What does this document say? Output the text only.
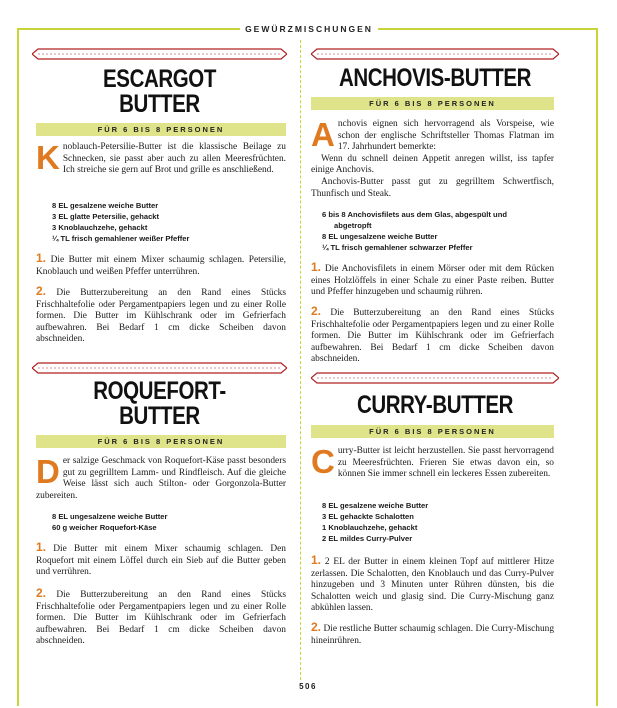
GEWÜRZMISCHUNGEN
ESCARGOT
BUTTER
FÜR 6 BIS 8 PERSONEN
Knoblauch-Petersilie-Butter ist die klassische Beilage zu Schnecken, sie passt aber auch zu allen Meeresfrüchten. Ich streiche sie gern auf Brot und grille es anschließend.
8 EL gesalzene weiche Butter
3 EL glatte Petersilie, gehackt
3 Knoblauchzehe, gehackt
¼ TL frisch gemahlener weißer Pfeffer
1. Die Butter mit einem Mixer schaumig schlagen. Petersilie, Knoblauch und weißen Pfeffer unterrühren.
2. Die Butterzubereitung an den Rand eines Stücks Frischhaltefolie oder Pergamentpapiers legen und zu einer Rolle formen. Die Butter im Kühlschrank oder im Gefrierfach aufbewahren. Bei Bedarf 1 cm dicke Scheiben davon abschneiden.
ROQUEFORT-
BUTTER
FÜR 6 BIS 8 PERSONEN
Der salzige Geschmack von Roquefort-Käse passt besonders gut zu gegrilltem Lamm- und Rindfleisch. Auf die gleiche Weise lässt sich auch Stilton- oder Gorgonzola-Butter zubereiten.
8 EL ungesalzene weiche Butter
60 g weicher Roquefort-Käse
1. Die Butter mit einem Mixer schaumig schlagen. Den Roquefort mit einem Löffel durch ein Sieb auf die Butter geben und verrühren.
2. Die Butterzubereitung an den Rand eines Stücks Frischhaltefolie oder Pergamentpapiers legen und zu einer Rolle formen. Die Butter im Kühlschrank oder im Gefrierfach aufbewahren. Bei Bedarf 1 cm dicke Scheiben davon abschneiden.
ANCHOVIS-BUTTER
FÜR 6 BIS 8 PERSONEN
Anchovis eignen sich hervorragend als Vorspeise, wie schon der englische Schriftsteller Thomas Flatman im 17. Jahrhundert bemerkte:

Wenn du schnell deinen Appetit anregen willst, iss tapfer einige Anchovis.

Anchovis-Butter passt gut zu gegrilltem Schwertfisch, Thunfisch und Steak.

6 bis 8 Anchovisfilets aus dem Glas, abgespült und
abgetropft
8 EL ungesalzene weiche Butter
¼ TL frisch gemahlener schwarzer Pfeffer
1. Die Anchovisfilets in einem Mörser oder mit dem Rücken eines Holzlöffels in einer Schale zu einer Paste reiben. Butter und Pfeffer hinzugeben und schaumig rühren.
2. Die Butterzubereitung an den Rand eines Stücks Frischhaltefolie oder Pergamentpapiers legen und zu einer Rolle formen. Die Butter im Kühlschrank oder im Gefrierfach aufbewahren. Bei Bedarf 1 cm dicke Scheiben davon abschneiden.
CURRY-BUTTER
FÜR 6 BIS 8 PERSONEN
Curry-Butter ist leicht herzustellen. Sie passt hervorragend zu Meeresfrüchten. Frieren Sie etwas davon ein, so können Sie immer schnell ein leckeres Essen zubereiten.
8 EL gesalzene weiche Butter
3 EL gehackte Schalotten
1 Knoblauchzehe, gehackt
2 EL mildes Curry-Pulver
1. 2 EL der Butter in einem kleinen Topf auf mittlerer Hitze zerlassen. Die Schalotten, den Knoblauch und das Curry-Pulver hinzugeben und 3 Minuten unter Rühren dünsten, bis die Schalotten weich und glasig sind. Die Curry-Mischung ganz abkühlen lassen.
2. Die restliche Butter schaumig schlagen. Die Curry-Mischung hineinrühren.
506
